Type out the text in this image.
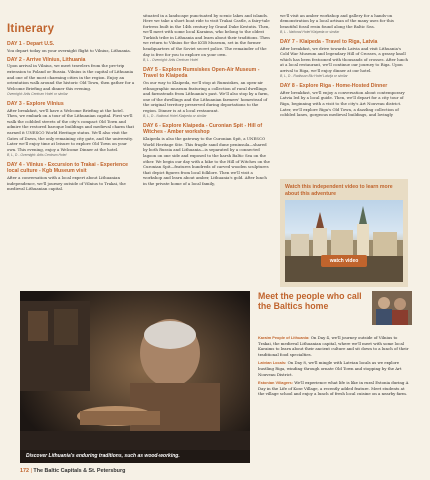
Itinerary
DAY 1 - Depart U.S.
You depart today on your overnight flight to Vilnius, Lithuania.
DAY 2 - Arrive Vilnius, Lithuania
Upon arrival in Vilnius, we meet travelers from the pre-trip extension to Poland or Russia. Vilnius is the capital of Lithuania and one of the most charming cities in the region. Enjoy an orientation walk around the historic Old Town, then gather for a Welcome Briefing and dinner this evening.
Overnight: Artis Centrum Hotel or similar
DAY 3 - Explore Vilnius
After breakfast, we'll have a Welcome Briefing at the hotel. Then, we embark on a tour of the Lithuanian capital. First we'll walk the cobbled streets of the city's compact Old Town and admire the restored baroque buildings and medieval charm that earned it UNESCO World Heritage status. We'll also visit the Gates of Dawn, the only remaining city gate, and the university. Later we'll enjoy time at leisure to explore Old Town on your own. This evening, enjoy a Welcome Dinner at the hotel.
B, L, D - Overnight: Artis Centrum Hotel
DAY 4 - Vilnius - Excursion to Trakai - Experience local culture - Kgb Museum visit
After a conversation with a local expert about Lithuanian independence, we'll journey outside of Vilnius to Trakai, the medieval Lithuanian capital.
situated in a landscape punctuated by scenic lakes and islands. Here we take a short boat ride to visit Trakai Castle, a fairy-tale fortress built in the 14th century by Grand Duke Kestutis. Then, we'll meet with some local Karaims, who belong to the oldest Turkish tribe in Lithuania and learn about their traditions. Then we return to Vilnius for the KGB Museum, set in the former headquarters of the Soviet secret police. The remainder of the day is free for you to explore on your own.
B, L - Overnight: Artis Centrum Hotel
DAY 5 - Explore Rumsiskes Open-Air Museum - Travel to Klaipeda
On our way to Klaipeda, we'll stop at Rumsiskes, an open-air ethnographic museum featuring a collection of rural dwellings and farmsteads from Lithuania's past. We'll also stop by a farm, one of the dwellings and the Lithuanian farmers' homestead of the original territory preserved during deportations to the region. Dinner is at a local restaurant.
B, L, D - National Hotel Klaipeda or similar
DAY 6 - Explore Klaipeda - Curonian Spit - Hill of Witches - Amber workshop
Klaipeda is also the gateway to the Curonian Spit, a UNESCO World Heritage Site. This fragile sand dune peninsula—shared by both Russia and Lithuania—is separated by a connected lagoon on one side and exposed to the harsh Baltic Sea on the other. We begin our day with a hike to the Hill of Witches on the Curonian Spit—features hundreds of carved wooden sculptures that depict figures from local folklore. Then we'll visit a workshop and learn about amber, Lithuania's gold. After lunch in the private home of a local family,
we'll visit an amber workshop and gallery for a hands-on demonstration by a local artisan of the many uses for this beautiful fossil resin found along the Baltic Sea.
B, L - National Hotel Klaipeda or similar
DAY 7 - Klaipeda - Travel to Riga, Latvia
After breakfast, we drive towards Latvia and visit Lithuania's Cold War Museum and legendary Hill of Crosses, a grassy knoll which has been festooned with thousands of crosses. After lunch at a local restaurant, we'll continue our journey to Riga. Upon arrival to Riga, we'll enjoy dinner at our hotel.
B, L, D - Radisson Blu Hotel Latvija or similar
DAY 8 - Explore Riga - Home-Hosted Dinner
After breakfast, we'll enjoy a conversation about contemporary Latvia led by a local guide. Then, we'll depart for a city tour of Riga, beginning with a visit to the city's Art Nouveau district. Later, we'll explore Riga's Old Town, a dazzling collection of cobbled lanes, gorgeous medieval buildings, and lovingly
Watch this independent video to learn more about this adventure
watch video
Discover Lithuania's enduring traditions, such as wood-working.
Meet the people who call the Baltics home

Karaim People of Lithuania: On Day 4, we'll journey outside of Vilnius to Trakai, the medieval Lithuanian capital, where we'll meet with some local Karaims to learn about their ancient culture and sit down to a lunch of their traditional food specialties.

Latvian Locals: On Day 8, we'll mingle with Latvian locals as we explore bustling Riga, winding through ornate Old Town and stopping by the Art Nouveau District.

Estonian Villagers: We'll experience what life is like in rural Estonia during A Day in the Life of Kose Village, a recently added feature. Meet students at the village school and enjoy a lunch of fresh local cuisine on a nearby farm.

172 | The Baltic Capitals & St. Petersburg
